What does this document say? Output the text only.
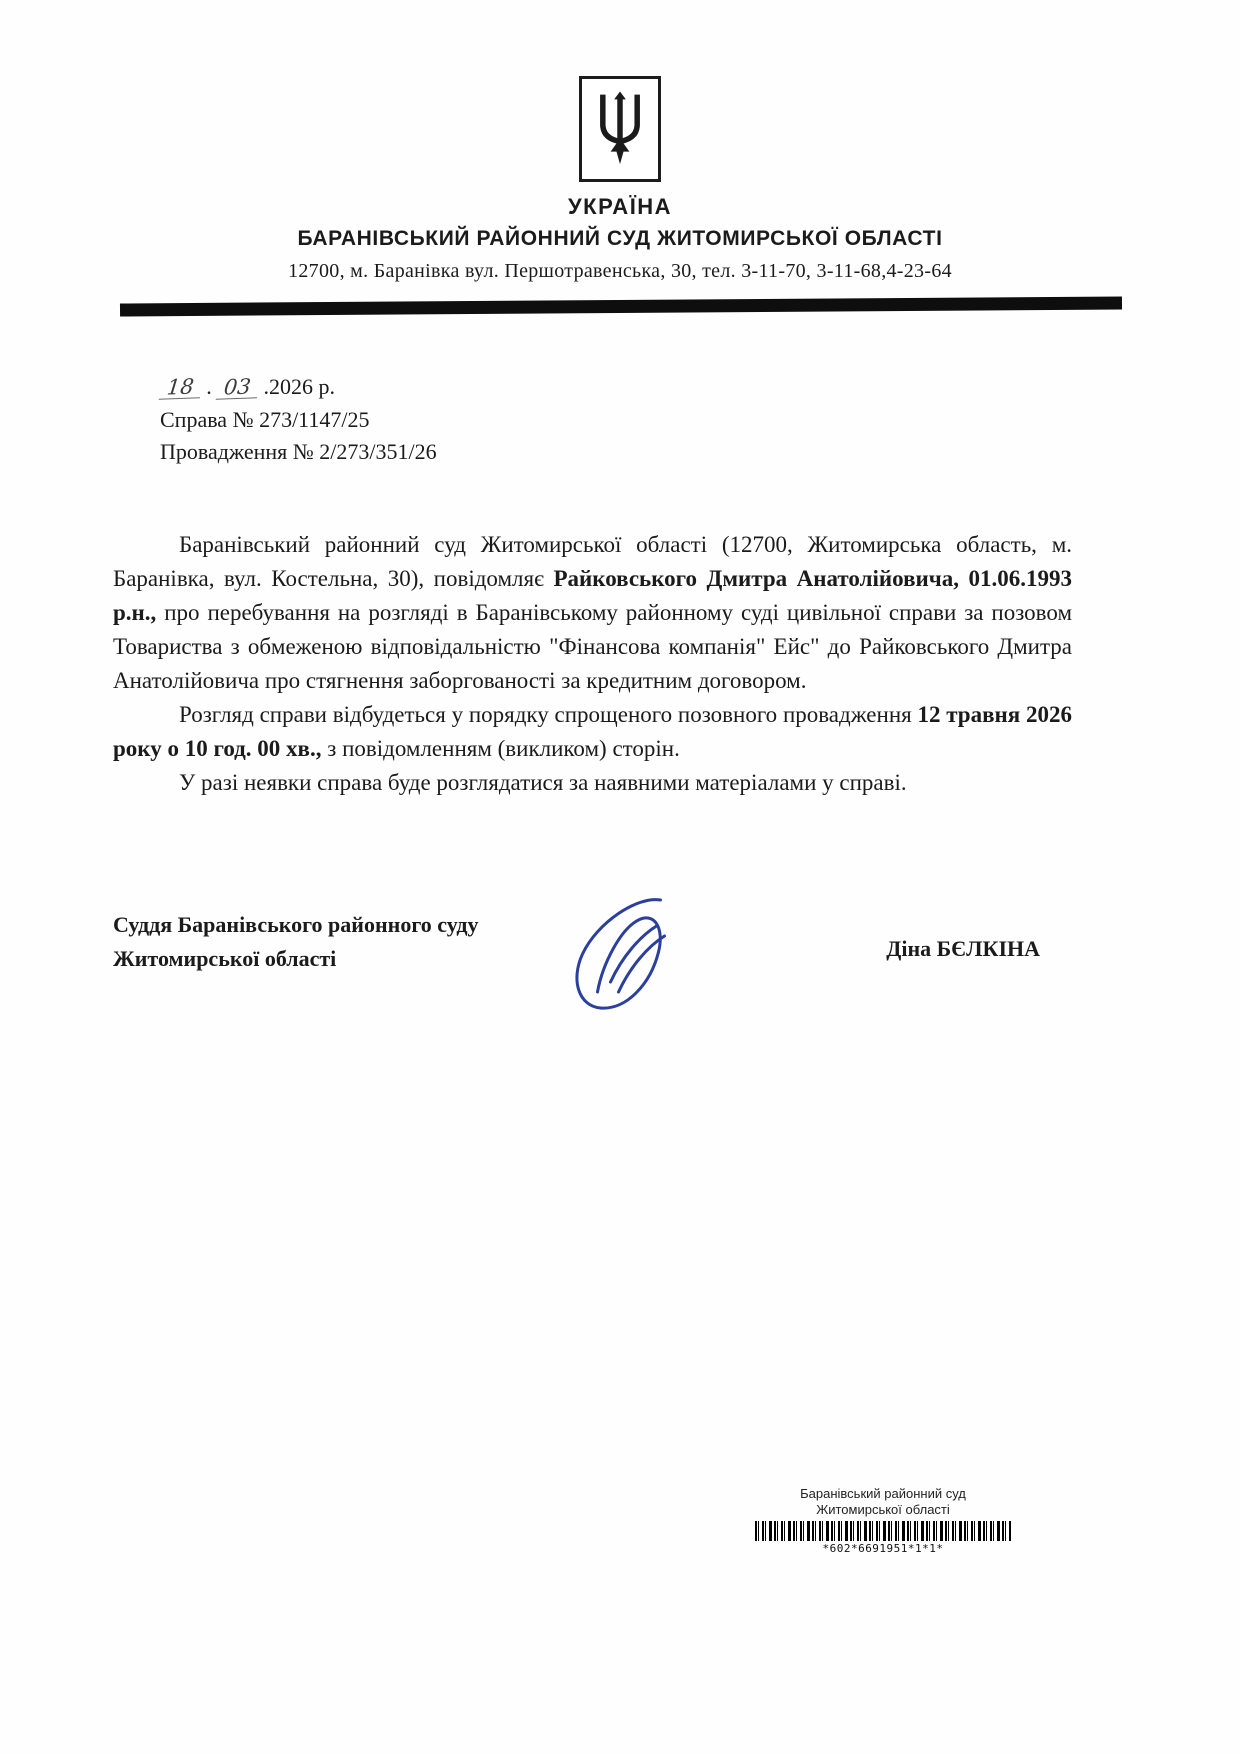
УКРАЇНА
БАРАНІВСЬКИЙ РАЙОННИЙ СУД ЖИТОМИРСЬКОЇ ОБЛАСТІ
12700, м. Баранівка вул. Першотравенська, 30, тел. 3-11-70, 3-11-68,4-23-64
18 . 03 .2026 р.
Справа № 273/1147/25
Провадження № 2/273/351/26

Баранівський районний суд Житомирської області (12700, Житомирська область, м. Баранівка, вул. Костельна, 30), повідомляє Райковського Дмитра Анатолійовича, 01.06.1993 р.н., про перебування на розгляді в Баранівському районному суді цивільної справи за позовом Товариства з обмеженою відповідальністю "Фінансова компанія" Ейс" до Райковського Дмитра Анатолійовича про стягнення заборгованості за кредитним договором.

Розгляд справи відбудеться у порядку спрощеного позовного провадження 12 травня 2026 року о 10 год. 00 хв., з повідомленням (викликом) сторін.

У разі неявки справа буде розглядатися за наявними матеріалами у справі.

Суддя Баранівського районного суду
Житомирської області	Діна БЄЛКІНА
Баранівський районний суд
Житомирської області
*602*6691951*1*1*
